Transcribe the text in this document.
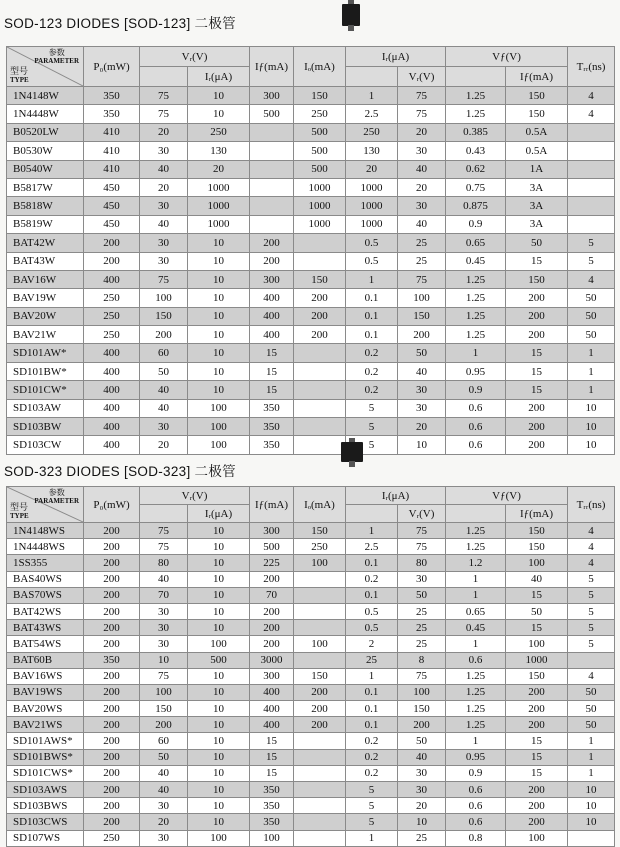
SOD-123 DIODES [SOD-123] 二极管
参数
PARAMETER
型号
TYPE	P₀(mW)	Vᵣ(V)		Iƒ(mA)	Iₒ(mA)	Iᵣ(μA)		Vƒ(V)		Tᵣᵣ(ns)
			Iᵣ(μA)				Vᵣ(V)		Iƒ(mA)	
1N4148W	350	75	10	300	150	1	75	1.25	150	4
1N4448W	350	75	10	500	250	2.5	75	1.25	150	4
B0520LW	410	20	250		500	250	20	0.385	0.5A	
B0530W	410	30	130		500	130	30	0.43	0.5A	
B0540W	410	40	20		500	20	40	0.62	1A	
B5817W	450	20	1000		1000	1000	20	0.75	3A	
B5818W	450	30	1000		1000	1000	30	0.875	3A	
B5819W	450	40	1000		1000	1000	40	0.9	3A	
BAT42W	200	30	10	200		0.5	25	0.65	50	5
BAT43W	200	30	10	200		0.5	25	0.45	15	5
BAV16W	400	75	10	300	150	1	75	1.25	150	4
BAV19W	250	100	10	400	200	0.1	100	1.25	200	50
BAV20W	250	150	10	400	200	0.1	150	1.25	200	50
BAV21W	250	200	10	400	200	0.1	200	1.25	200	50
SD101AW*	400	60	10	15		0.2	50	1	15	1
SD101BW*	400	50	10	15		0.2	40	0.95	15	1
SD101CW*	400	40	10	15		0.2	30	0.9	15	1
SD103AW	400	40	100	350		5	30	0.6	200	10
SD103BW	400	30	100	350		5	20	0.6	200	10
SD103CW	400	20	100	350		5	10	0.6	200	10
SOD-323 DIODES [SOD-323] 二极管
参数
PARAMETER
型号
TYPE	P₀(mW)	Vᵣ(V)		Iƒ(mA)	Iₒ(mA)	Iᵣ(μA)		Vƒ(V)		Tᵣᵣ(ns)
			Iᵣ(μA)				Vᵣ(V)		Iƒ(mA)	
1N4148WS	200	75	10	300	150	1	75	1.25	150	4
1N4448WS	200	75	10	500	250	2.5	75	1.25	150	4
1SS355	200	80	10	225	100	0.1	80	1.2	100	4
BAS40WS	200	40	10	200		0.2	30	1	40	5
BAS70WS	200	70	10	70		0.1	50	1	15	5
BAT42WS	200	30	10	200		0.5	25	0.65	50	5
BAT43WS	200	30	10	200		0.5	25	0.45	15	5
BAT54WS	200	30	100	200	100	2	25	1	100	5
BAT60B	350	10	500	3000		25	8	0.6	1000	
BAV16WS	200	75	10	300	150	1	75	1.25	150	4
BAV19WS	200	100	10	400	200	0.1	100	1.25	200	50
BAV20WS	200	150	10	400	200	0.1	150	1.25	200	50
BAV21WS	200	200	10	400	200	0.1	200	1.25	200	50
SD101AWS*	200	60	10	15		0.2	50	1	15	1
SD101BWS*	200	50	10	15		0.2	40	0.95	15	1
SD101CWS*	200	40	10	15		0.2	30	0.9	15	1
SD103AWS	200	40	10	350		5	30	0.6	200	10
SD103BWS	200	30	10	350		5	20	0.6	200	10
SD103CWS	200	20	10	350		5	10	0.6	200	10
SD107WS	250	30	100	100		1	25	0.8	100	
